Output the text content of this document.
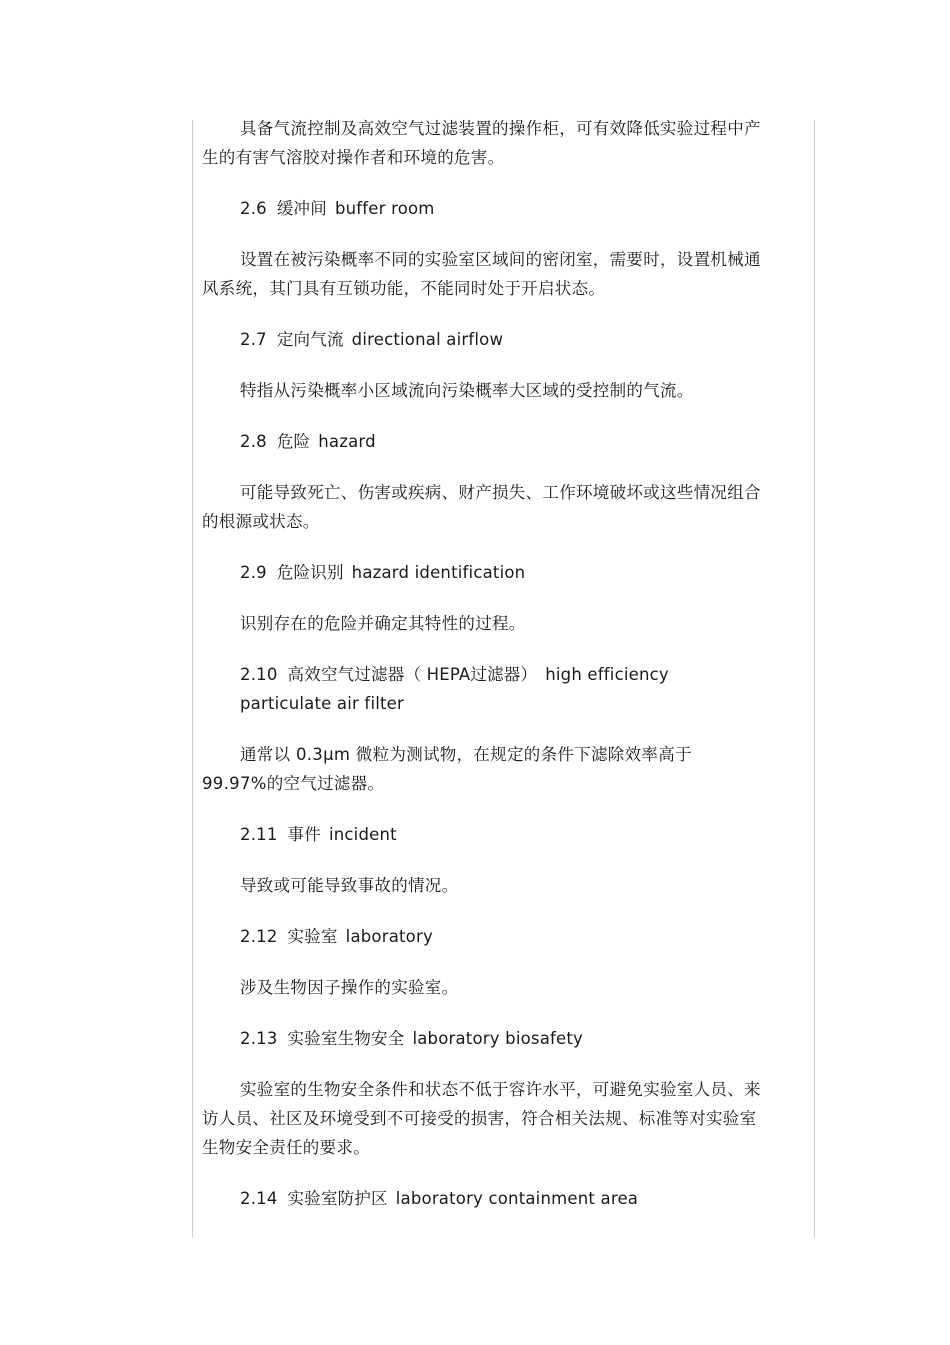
具备气流控制及高效空气过滤装置的操作柜，可有效降低实验过程中产生的有害气溶胶对操作者和环境的危害。

2.6 缓冲间 buffer room

设置在被污染概率不同的实验室区域间的密闭室，需要时，设置机械通风系统，其门具有互锁功能，不能同时处于开启状态。

2.7 定向气流 directional airflow

特指从污染概率小区域流向污染概率大区域的受控制的气流。

2.8 危险 hazard

可能导致死亡、伤害或疾病、财产损失、工作环境破坏或这些情况组合的根源或状态。

2.9 危险识别 hazard identification

识别存在的危险并确定其特性的过程。

2.10 高效空气过滤器（ HEPA过滤器） high efficiency particulate air filter

通常以 0.3μm 微粒为测试物，在规定的条件下滤除效率高于 99.97%的空气过滤器。

2.11 事件 incident

导致或可能导致事故的情况。

2.12 实验室 laboratory

涉及生物因子操作的实验室。

2.13 实验室生物安全 laboratory biosafety

实验室的生物安全条件和状态不低于容许水平，可避免实验室人员、来访人员、社区及环境受到不可接受的损害，符合相关法规、标准等对实验室生物安全责任的要求。

2.14 实验室防护区 laboratory containment area
